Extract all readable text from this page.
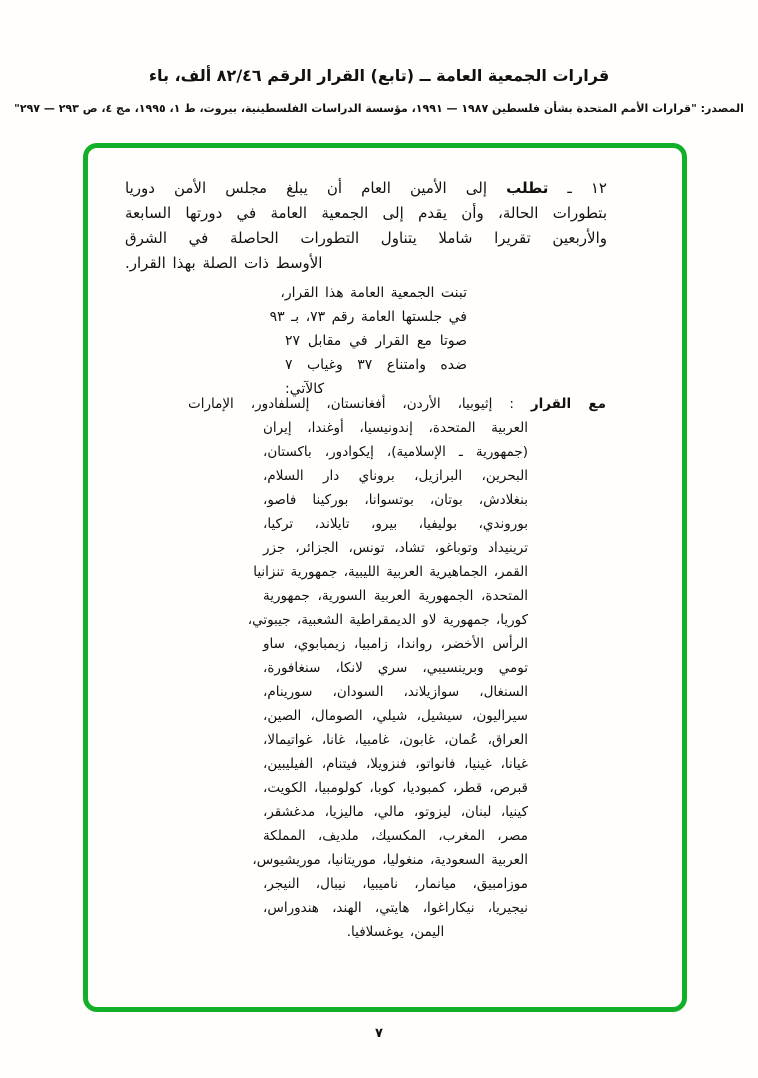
قرارات الجمعية العامة ــ (تابع) القرار الرقم ٨٢/٤٦ ألف، باء
المصدر: "قرارات الأمم المتحدة بشأن فلسطين ١٩٨٧ — ١٩٩١، مؤسسة الدراسات الفلسطينية، بيروت، ط ١، ١٩٩٥، مج ٤، ص ٢٩٣ — ٢٩٧"
١٢ ـ تطلب إلى الأمين العام أن يبلغ مجلس الأمن دوريا
بتطورات الحالة، وأن يقدم إلى الجمعية العامة في دورتها السابعة
والأربعين تقريرا شاملا يتناول التطورات الحاصلة في الشرق
الأوسط ذات الصلة بهذا القرار.
تبنت الجمعية العامة هذا القرار،
في جلستها العامة رقم ٧٣، بـ ٩٣
صوتا مع القرار في مقابل ٢٧
ضده وامتناع ٣٧ وغياب ٧
كالآتي:
مع القرار : إثيوبيا، الأردن، أفغانستان، إلسلفادور، الإمارات
العربية المتحدة، إندونيسيا، أوغندا، إيران
(جمهورية ـ الإسلامية)، إيكوادور، باكستان،
البحرين، البرازيل، بروناي دار السلام،
بنغلادش، بوتان، بوتسوانا، بوركينا فاصو،
بوروندي، بوليفيا، بيرو، تايلاند، تركيا،
ترينيداد وتوباغو، تشاد، تونس، الجزائر، جزر
القمر، الجماهيرية العربية الليبية، جمهورية تنزانيا
المتحدة، الجمهورية العربية السورية، جمهورية
كوريا، جمهورية لاو الديمقراطية الشعبية، جيبوتي،
الرأس الأخضر، رواندا، زامبيا، زيمبابوي، ساو
تومي وبرينسيبي، سري لانكا، سنغافورة،
السنغال، سوازيلاند، السودان، سورينام،
سيراليون، سيشيل، شيلي، الصومال، الصين،
العراق، عُمان، غابون، غامبيا، غانا، غواتيمالا،
غيانا، غينيا، فانواتو، فنزويلا، فيتنام، الفيليبين،
قبرص، قطر، كمبوديا، كوبا، كولومبيا، الكويت،
كينيا، لبنان، ليزوتو، مالي، ماليزيا، مدغشقر،
مصر، المغرب، المكسيك، ملديف، المملكة
العربية السعودية، منغوليا، موريتانيا، موريشيوس،
موزامبيق، ميانمار، ناميبيا، نيبال، النيجر،
نيجيريا، نيكاراغوا، هايتي، الهند، هندوراس،
اليمن، يوغسلافيا.
٧
